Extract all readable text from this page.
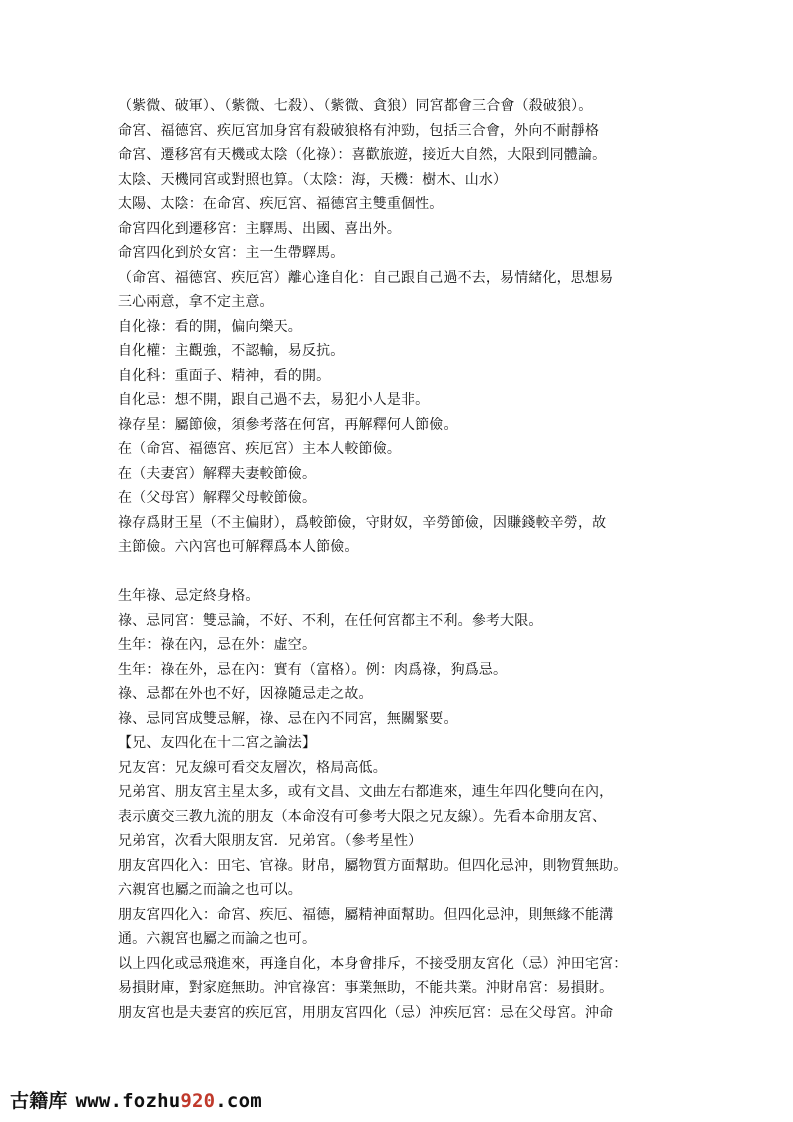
（紫微、破軍）、（紫微、七殺）、（紫微、貪狼）同宮都會三合會（殺破狼）。
命宮、福德宮、疾厄宮加身宮有殺破狼格有沖勁，包括三合會，外向不耐靜格
命宮、遷移宮有天機或太陰（化祿）：喜歡旅遊，接近大自然，大限到同體論。
太陰、天機同宮或對照也算。（太陰：海，天機：樹木、山水）
太陽、太陰：在命宮、疾厄宮、福德宮主雙重個性。
命宮四化到遷移宮：主驛馬、出國、喜出外。
命宮四化到於女宮：主一生帶驛馬。
（命宮、福德宮、疾厄宮）離心逢自化：自己跟自己過不去，易情緒化，思想易
三心兩意，拿不定主意。
自化祿：看的開，偏向樂天。
自化權：主觀強，不認輸，易反抗。
自化科：重面子、精神，看的開。
自化忌：想不開，跟自己過不去，易犯小人是非。
祿存星：屬節儉，須參考落在何宮，再解釋何人節儉。
在（命宮、福德宮、疾厄宮）主本人較節儉。
在（夫妻宮）解釋夫妻較節儉。
在（父母宮）解釋父母較節儉。
祿存爲財王星（不主偏財），爲較節儉，守財奴，辛勞節儉，因賺錢較辛勞，故
主節儉。六內宮也可解釋爲本人節儉。
生年祿、忌定終身格。
祿、忌同宮：雙忌論，不好、不利，在任何宮都主不利。參考大限。
生年：祿在內，忌在外：虛空。
生年：祿在外，忌在內：實有（富格）。例：肉爲祿，狗爲忌。
祿、忌都在外也不好，因祿隨忌走之故。
祿、忌同宮成雙忌解，祿、忌在內不同宮，無關緊要。
【兄、友四化在十二宮之論法】
兄友宮：兄友線可看交友層次，格局高低。
兄弟宮、朋友宮主星太多，或有文昌、文曲左右都進來，連生年四化雙向在內，
表示廣交三教九流的朋友（本命沒有可參考大限之兄友線）。先看本命朋友宮、
兄弟宮，次看大限朋友宮．兄弟宮。（參考星性）
朋友宮四化入：田宅、官祿。財帛，屬物質方面幫助。但四化忌沖，則物質無助。
六親宮也屬之而論之也可以。
朋友宮四化入：命宮、疾厄、福德，屬精神面幫助。但四化忌沖，則無緣不能溝
通。六親宮也屬之而論之也可。
以上四化或忌飛進來，再逢自化，本身會排斥，不接受朋友宮化（忌）沖田宅宮：
易損財庫，對家庭無助。沖官祿宮：事業無助，不能共業。沖財帛宮：易損財。
朋友宮也是夫妻宮的疾厄宮，用朋友宮四化（忌）沖疾厄宮：忌在父母宮。沖命
古籍库 www.fozhu920.com
